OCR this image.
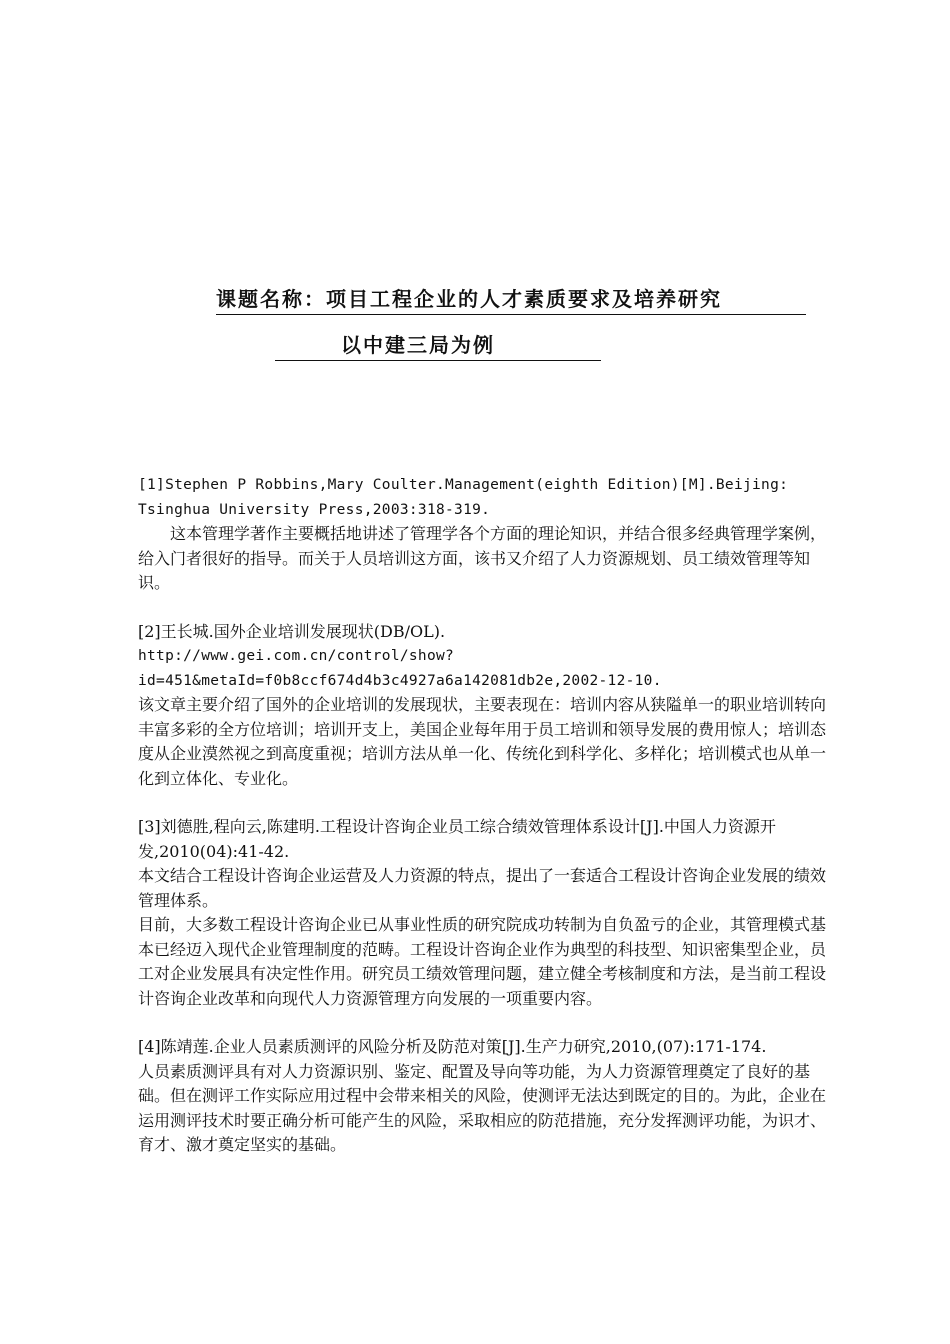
课题名称：项目工程企业的人才素质要求及培养研究
以中建三局为例

[1]Stephen P Robbins,Mary Coulter.Management(eighth Edition)[M].Beijing:

Tsinghua University Press,2003:318-319.

这本管理学著作主要概括地讲述了管理学各个方面的理论知识，并结合很多经典管理学案例，给入门者很好的指导。而关于人员培训这方面，该书又介绍了人力资源规划、员工绩效管理等知识。

[2]王长城.国外企业培训发展现状(DB/OL).

http://www.gei.com.cn/control/show?

id=451&metaId=f0b8ccf674d4b3c4927a6a142081db2e,2002-12-10.

该文章主要介绍了国外的企业培训的发展现状，主要表现在：培训内容从狭隘单一的职业培训转向丰富多彩的全方位培训；培训开支上，美国企业每年用于员工培训和领导发展的费用惊人；培训态度从企业漠然视之到高度重视；培训方法从单一化、传统化到科学化、多样化；培训模式也从单一化到立体化、专业化。

[3]刘德胜,程向云,陈建明.工程设计咨询企业员工综合绩效管理体系设计[J].中国人力资源开发,2010(04):41-42.

本文结合工程设计咨询企业运营及人力资源的特点，提出了一套适合工程设计咨询企业发展的绩效管理体系。

目前，大多数工程设计咨询企业已从事业性质的研究院成功转制为自负盈亏的企业，其管理模式基本已经迈入现代企业管理制度的范畴。工程设计咨询企业作为典型的科技型、知识密集型企业，员工对企业发展具有决定性作用。研究员工绩效管理问题，建立健全考核制度和方法，是当前工程设计咨询企业改革和向现代人力资源管理方向发展的一项重要内容。

[4]陈靖莲.企业人员素质测评的风险分析及防范对策[J].生产力研究,2010,(07):171-174.

人员素质测评具有对人力资源识别、鉴定、配置及导向等功能，为人力资源管理奠定了良好的基础。但在测评工作实际应用过程中会带来相关的风险，使测评无法达到既定的目的。为此，企业在运用测评技术时要正确分析可能产生的风险，采取相应的防范措施，充分发挥测评功能，为识才、育才、激才奠定坚实的基础。
